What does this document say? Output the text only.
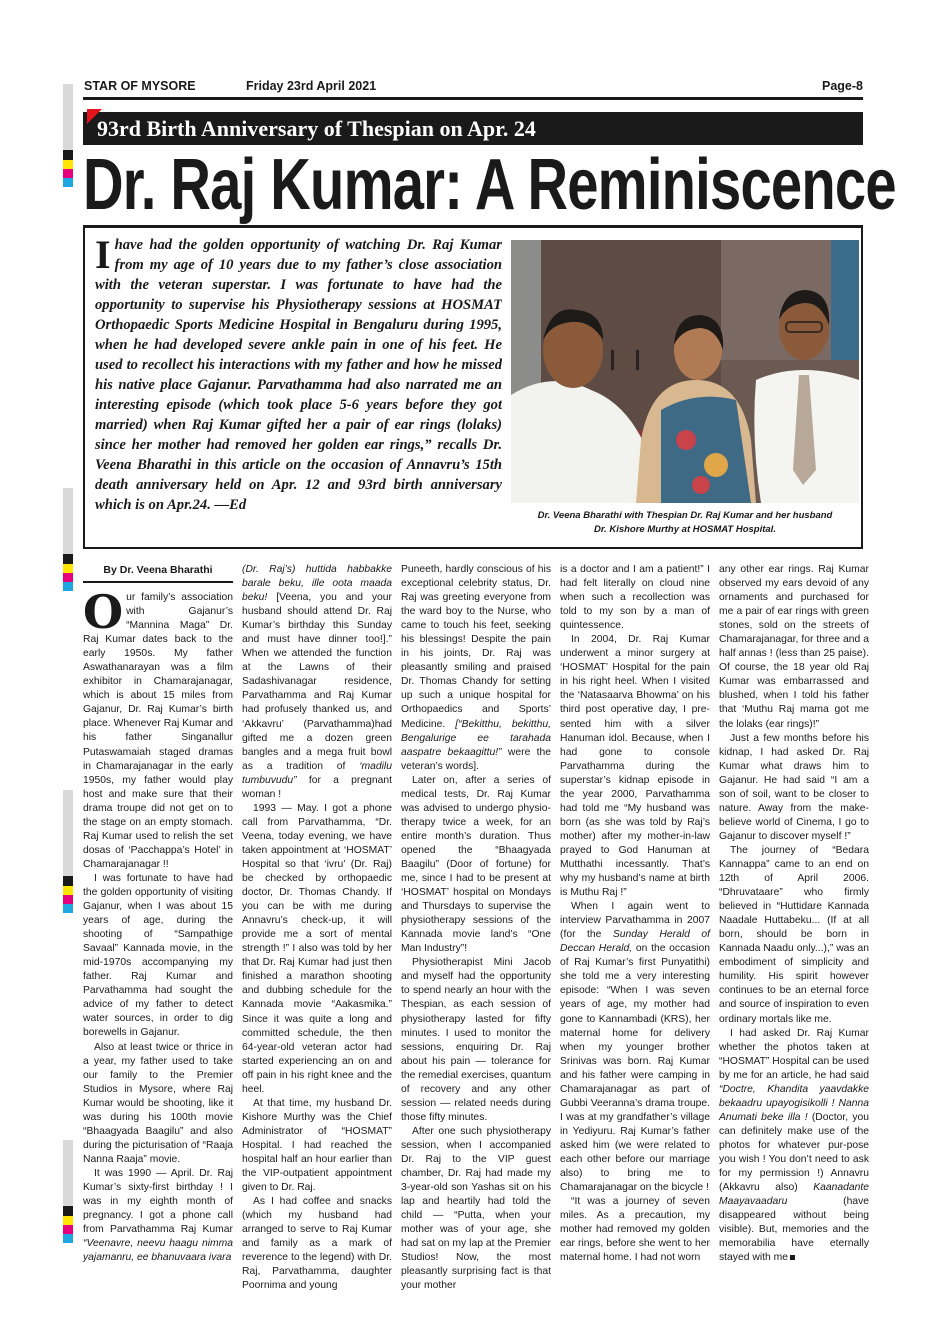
STAR OF MYSORE	Friday 23rd April 2021	Page-8
93rd Birth Anniversary of Thespian on Apr. 24
Dr. Raj Kumar: A Reminiscence
Ihave had the golden opportunity of watching Dr. Raj Kumar from my age of 10 years due to my father’s close association with the veteran superstar. I was fortunate to have had the opportunity to supervise his Physiotherapy sessions at HOSMAT Orthopaedic Sports Medicine Hospital in Bengaluru during 1995, when he had developed severe ankle pain in one of his feet. He used to recollect his interactions with my father and how he missed his native place Gajanur. Parvathamma had also narrated me an interesting episode (which took place 5-6 years before they got married) when Raj Kumar gifted her a pair of ear rings (lolaks) since her mother had removed her golden ear rings,” recalls Dr. Veena Bharathi in this article on the occasion of Annavru’s 15th death anniversary held on Apr. 12 and 93rd birth anniversary which is on Apr.24. —Ed
Dr. Veena Bharathi with Thespian Dr. Raj Kumar and her husband
Dr. Kishore Murthy at HOSMAT Hospital.
By Dr. Veena Bharathi

Our family’s association with Gajanur’s “Mannina Maga” Dr. Raj Kumar dates back to the early 1950s. My father Aswathanarayan was a film exhibitor in Chamarajanagar, which is about 15 miles from Gajanur, Dr. Raj Kumar’s birth place. Whenever Raj Kumar and his father Singanallur Putaswamaiah staged dramas in Chamarajanagar in the early 1950s, my father would play host and make sure that their drama troupe did not get on to the stage on an empty stomach. Raj Kumar used to relish the set dosas of ‘Pacchappa’s Hotel’ in Chamarajanagar !!

I was fortunate to have had the golden opportunity of visiting Gajanur, when I was about 15 years of age, during the shooting of “Sampathige Savaal” Kannada movie, in the mid-1970s accompanying my father. Raj Kumar and Parvathamma had sought the advice of my father to detect water sources, in order to dig borewells in Gajanur.

Also at least twice or thrice in a year, my father used to take our family to the Premier Studios in Mysore, where Raj Kumar would be shooting, like it was during his 100th movie “Bhaagyada Baagilu” and also during the picturisation of “Raaja Nanna Raaja” movie.

It was 1990 — April. Dr. Raj Kumar’s sixty-first birthday ! I was in my eighth month of pregnancy. I got a phone call from Parvathamma Raj Kumar “Veenavre, neevu haagu nimma yajamanru, ee bhanuvaara ivara

(Dr. Raj’s) huttida habbakke barale beku, ille oota maada beku! [Veena, you and your husband should attend Dr. Raj Kumar’s birthday this Sunday and must have dinner too!].” When we attended the function at the Lawns of their Sadashivanagar residence, Parvathamma and Raj Kumar had profusely thanked us, and ‘Akkavru’ (Parvathamma)had gifted me a dozen green bangles and a mega fruit bowl as a tradition of ‘madilu tumbuvudu” for a pregnant woman !

1993 — May. I got a phone call from Parvathamma, “Dr. Veena, today evening, we have taken appointment at ‘HOSMAT’ Hospital so that ‘ivru’ (Dr. Raj) be checked by orthopaedic doctor, Dr. Thomas Chandy. If you can be with me during Annavru’s check-up, it will provide me a sort of mental strength !” I also was told by her that Dr. Raj Kumar had just then finished a marathon shooting and dubbing schedule for the Kannada movie “Aakasmika.” Since it was quite a long and committed schedule, the then 64-year-old veteran actor had started experiencing an on and off pain in his right knee and the heel.

At that time, my husband Dr. Kishore Murthy was the Chief Administrator of “HOSMAT” Hospital. I had reached the hospital half an hour earlier than the VIP-outpatient appointment given to Dr. Raj.

As I had coffee and snacks (which my husband had arranged to serve to Raj Kumar and family as a mark of reverence to the legend) with Dr. Raj, Parvathamma, daughter Poornima and young

Puneeth, hardly conscious of his exceptional celebrity status, Dr. Raj was greeting everyone from the ward boy to the Nurse, who came to touch his feet, seeking his blessings! Despite the pain in his joints, Dr. Raj was pleasantly smiling and praised Dr. Thomas Chandy for setting up such a unique hospital for Orthopaedics and Sports’ Medicine. [“Bekitthu, bekitthu, Bengalurige ee tarahada aaspatre bekaagittu!” were the veteran’s words].

Later on, after a series of medical tests, Dr. Raj Kumar was advised to undergo physio-therapy twice a week, for an entire month’s duration. Thus opened the “Bhaagyada Baagilu” (Door of fortune) for me, since I had to be present at ‘HOSMAT’ hospital on Mondays and Thursdays to supervise the physiotherapy sessions of the Kannada movie land’s “One Man Industry”!

Physiotherapist Mini Jacob and myself had the opportunity to spend nearly an hour with the Thespian, as each session of physiotherapy lasted for fifty minutes. I used to monitor the sessions, enquiring Dr. Raj about his pain — tolerance for the remedial exercises, quantum of recovery and any other session — related needs during those fifty minutes.

After one such physiotherapy session, when I accompanied Dr. Raj to the VIP guest chamber, Dr. Raj had made my 3-year-old son Yashas sit on his lap and heartily had told the child — “Putta, when your mother was of your age, she had sat on my lap at the Premier Studios! Now, the most pleasantly surprising fact is that your mother

is a doctor and I am a patient!” I had felt literally on cloud nine when such a recollection was told to my son by a man of quintessence.

In 2004, Dr. Raj Kumar underwent a minor surgery at ‘HOSMAT’ Hospital for the pain in his right heel. When I visited the ‘Natasaarva Bhowma’ on his third post operative day, I pre-sented him with a silver Hanuman idol. Because, when I had gone to console Parvathamma during the superstar’s kidnap episode in the year 2000, Parvathamma had told me “My husband was born (as she was told by Raj’s mother) after my mother-in-law prayed to God Hanuman at Mutthathi incessantly. That’s why my husband’s name at birth is Muthu Raj !”

When I again went to interview Parvathamma in 2007 (for the Sunday Herald of Deccan Herald, on the occasion of Raj Kumar’s first Punyatithi) she told me a very interesting episode: “When I was seven years of age, my mother had gone to Kannambadi (KRS), her maternal home for delivery when my younger brother Srinivas was born. Raj Kumar and his father were camping in Chamarajanagar as part of Gubbi Veeranna’s drama troupe. I was at my grandfather’s village in Yediyuru. Raj Kumar’s father asked him (we were related to each other before our marriage also) to bring me to Chamarajanagar on the bicycle !

“It was a journey of seven miles. As a precaution, my mother had removed my golden ear rings, before she went to her maternal home. I had not worn

any other ear rings. Raj Kumar observed my ears devoid of any ornaments and purchased for me a pair of ear rings with green stones, sold on the streets of Chamarajanagar, for three and a half annas ! (less than 25 paise). Of course, the 18 year old Raj Kumar was embarrassed and blushed, when I told his father that ‘Muthu Raj mama got me the lolaks (ear rings)!”

Just a few months before his kidnap, I had asked Dr. Raj Kumar what draws him to Gajanur. He had said “I am a son of soil, want to be closer to nature. Away from the make-believe world of Cinema, I go to Gajanur to discover myself !”

The journey of “Bedara Kannappa” came to an end on 12th of April 2006. “Dhruvataare” who firmly believed in “Huttidare Kannada Naadale Huttabeku... (If at all born, should be born in Kannada Naadu only...),” was an embodiment of simplicity and humility. His spirit however continues to be an eternal force and source of inspiration to even ordinary mortals like me.

I had asked Dr. Raj Kumar whether the photos taken at “HOSMAT” Hospital can be used by me for an article, he had said “Doctre, Khandita yaavdakke bekaadru upayogisikolli ! Nanna Anumati beke illa ! (Doctor, you can definitely make use of the photos for whatever pur-pose you wish ! You don’t need to ask for my permission !) Annavru (Akkavru also) Kaanadante Maayavaadaru (have disappeared without being visible). But, memories and the memorabilia have eternally stayed with me
